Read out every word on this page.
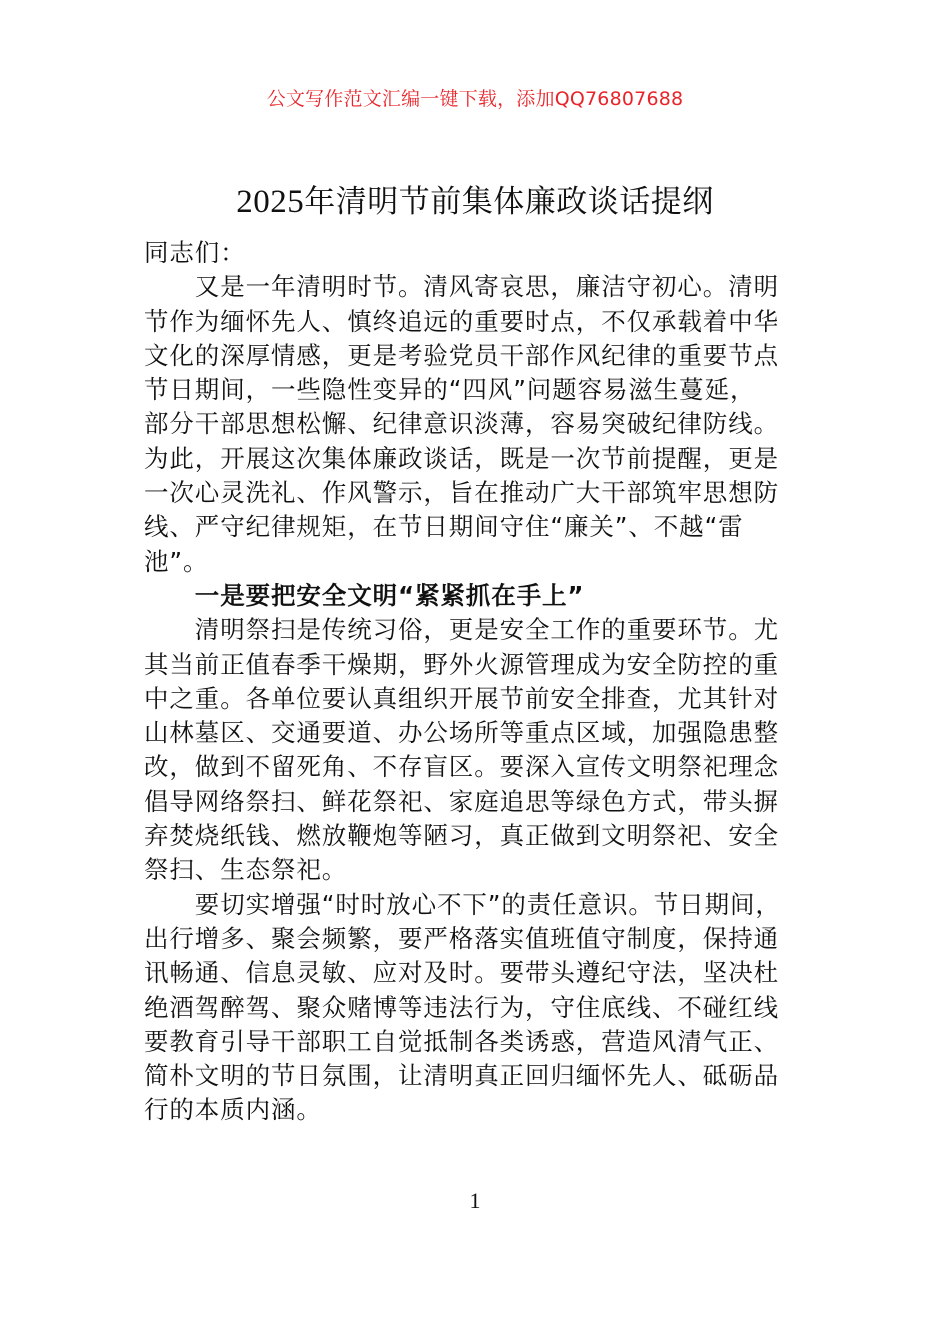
公文写作范文汇编一键下载，添加QQ76807688
2025年清明节前集体廉政谈话提纲
同志们：
　　又是一年清明时节。清风寄哀思，廉洁守初心。清明
节作为缅怀先人、慎终追远的重要时点，不仅承载着中华
文化的深厚情感，更是考验党员干部作风纪律的重要节点
节日期间，一些隐性变异的“四风”问题容易滋生蔓延，
部分干部思想松懈、纪律意识淡薄，容易突破纪律防线。
为此，开展这次集体廉政谈话，既是一次节前提醒，更是
一次心灵洗礼、作风警示，旨在推动广大干部筑牢思想防
线、严守纪律规矩，在节日期间守住“廉关”、不越“雷
池”。
　　一是要把安全文明“紧紧抓在手上”
　　清明祭扫是传统习俗，更是安全工作的重要环节。尤
其当前正值春季干燥期，野外火源管理成为安全防控的重
中之重。各单位要认真组织开展节前安全排查，尤其针对
山林墓区、交通要道、办公场所等重点区域，加强隐患整
改，做到不留死角、不存盲区。要深入宣传文明祭祀理念
倡导网络祭扫、鲜花祭祀、家庭追思等绿色方式，带头摒
弃焚烧纸钱、燃放鞭炮等陋习，真正做到文明祭祀、安全
祭扫、生态祭祀。
　　要切实增强“时时放心不下”的责任意识。节日期间，
出行增多、聚会频繁，要严格落实值班值守制度，保持通
讯畅通、信息灵敏、应对及时。要带头遵纪守法，坚决杜
绝酒驾醉驾、聚众赌博等违法行为，守住底线、不碰红线
要教育引导干部职工自觉抵制各类诱惑，营造风清气正、
简朴文明的节日氛围，让清明真正回归缅怀先人、砥砺品
行的本质内涵。
1
